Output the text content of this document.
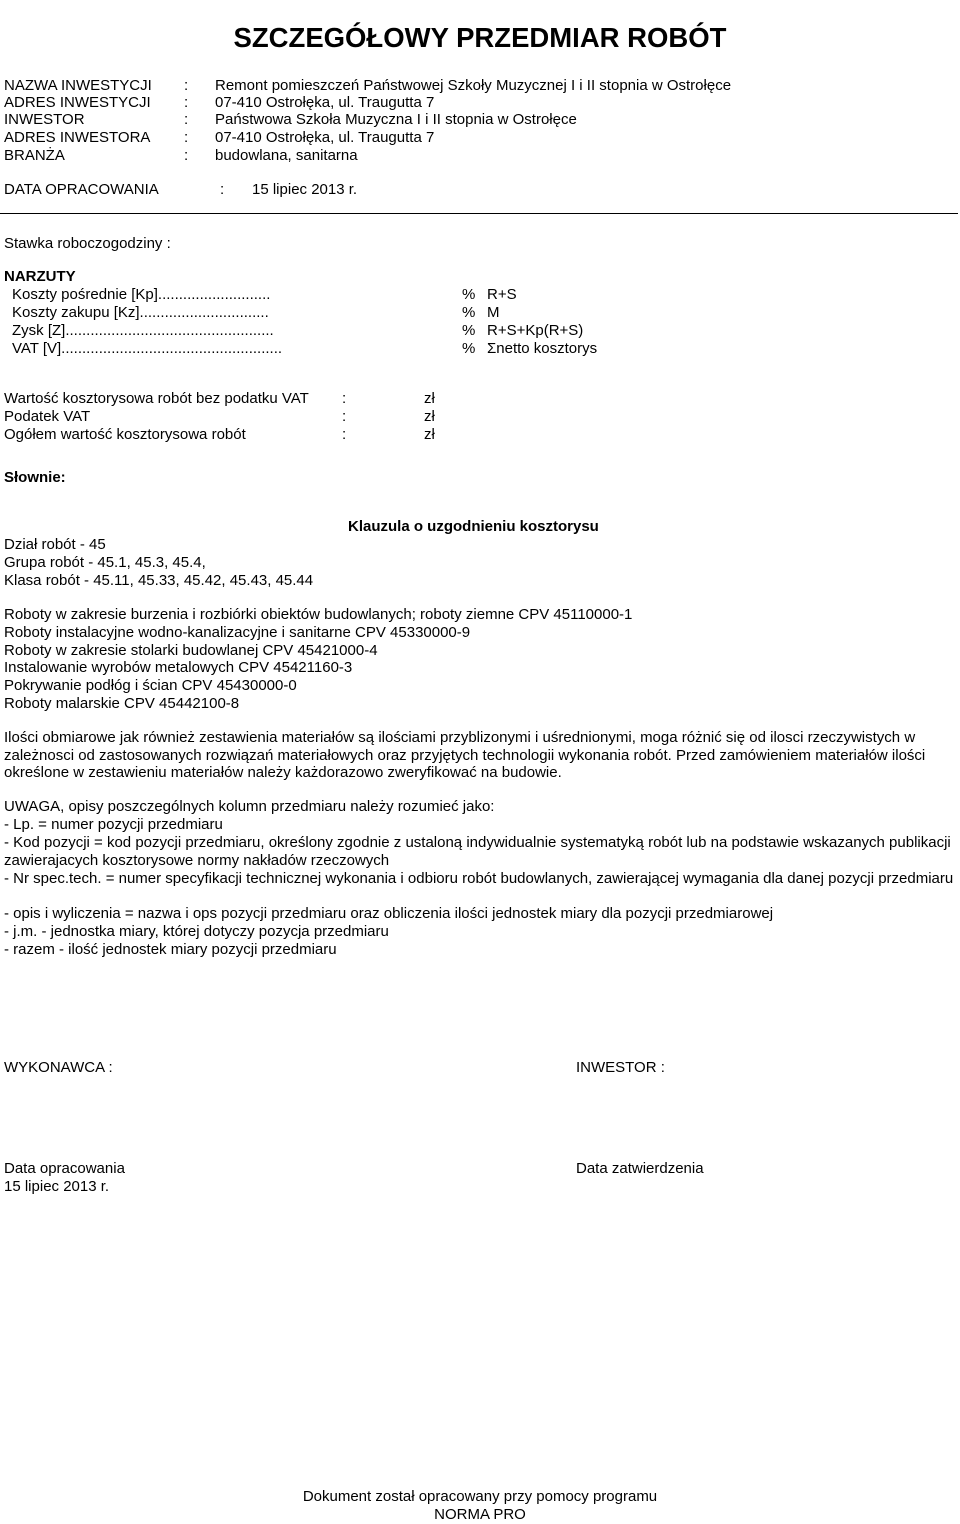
SZCZEGÓŁOWY PRZEDMIAR ROBÓT
NAZWA INWESTYCJI : Remont pomieszczeń Państwowej Szkoły Muzycznej I i II stopnia w Ostrołęce
ADRES INWESTYCJI : 07-410 Ostrołęka, ul. Traugutta 7
INWESTOR	: Państwowa Szkoła Muzyczna I i II stopnia w Ostrołęce
ADRES INWESTORA : 07-410 Ostrołęka, ul. Traugutta 7
BRANŻA	: budowlana, sanitarna
DATA OPRACOWANIA	: 15 lipiec 2013 r.
Stawka roboczogodziny :
NARZUTY
Koszty pośrednie [Kp]...........................	% R+S
Koszty zakupu [Kz]...............................	% M
Zysk [Z]..................................................	% R+S+Kp(R+S)
VAT [V].....................................................	% Σnetto kosztorys
Wartość kosztorysowa robót bez podatku VAT :	zł
Podatek VAT	:	zł
Ogółem wartość kosztorysowa robót	:	zł
Słownie:
Klauzula o uzgodnieniu kosztorysu
Dział robót - 45
Grupa robót - 45.1, 45.3, 45.4,
Klasa robót - 45.11, 45.33, 45.42, 45.43, 45.44
Roboty w zakresie burzenia i rozbiórki obiektów budowlanych; roboty ziemne CPV 45110000-1
Roboty instalacyjne wodno-kanalizacyjne i sanitarne CPV 45330000-9
Roboty w zakresie stolarki budowlanej CPV 45421000-4
Instalowanie wyrobów metalowych CPV 45421160-3
Pokrywanie podłóg i ścian CPV 45430000-0
Roboty malarskie CPV 45442100-8
Ilości obmiarowe jak również zestawienia materiałów są ilościami przyblizonymi i uśrednionymi, moga różnić się od ilosci rzeczywistych w zależnosci od zastosowanych rozwiązań materiałowych oraz przyjętych technologii wykonania robót. Przed zamówieniem materiałów ilości określone w zestawieniu materiałów należy każdorazowo zweryfikować na budowie.
UWAGA, opisy poszczególnych kolumn przedmiaru należy rozumieć jako:
- Lp. = numer pozycji przedmiaru
- Kod pozycji = kod pozycji przedmiaru, określony zgodnie z ustaloną indywidualnie systematyką robót lub na podstawie wskazanych publikacji zawierajacych kosztorysowe normy nakładów rzeczowych
- Nr spec.tech. = numer specyfikacji technicznej wykonania i odbioru robót budowlanych, zawierającej wymagania dla danej pozycji przedmiaru
- opis i wyliczenia = nazwa i ops pozycji przedmiaru oraz obliczenia ilości jednostek miary dla pozycji przedmiarowej
- j.m. - jednostka miary, której dotyczy pozycja przedmiaru
- razem - ilość jednostek miary pozycji przedmiaru
WYKONAWCA :	INWESTOR :
Data opracowania
15 lipiec 2013 r.
Data zatwierdzenia
Dokument został opracowany przy pomocy programu
NORMA PRO
